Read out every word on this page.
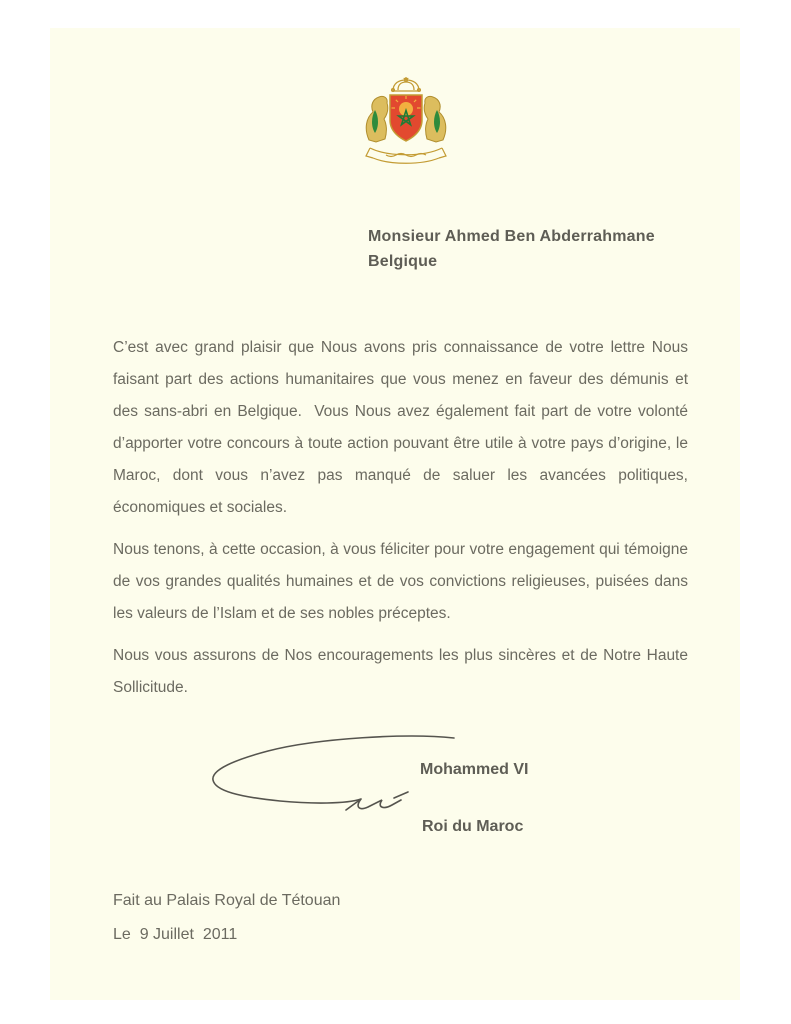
Monsieur Ahmed Ben Abderrahmane
Belgique

C’est avec grand plaisir que Nous avons pris connaissance de votre lettre Nous faisant part des actions humanitaires que vous menez en faveur des démunis et des sans-abri en Belgique.  Vous Nous avez également fait part de votre volonté d’apporter votre concours à toute action pouvant être utile à votre pays d’origine, le Maroc, dont vous n’avez pas manqué de saluer les avancées politiques, économiques et sociales.

Nous tenons, à cette occasion, à vous féliciter pour votre engagement qui témoigne de vos grandes qualités humaines et de vos convictions religieuses, puisées dans les valeurs de l’Islam et de ses nobles préceptes.

Nous vous assurons de Nos encouragements les plus sincères et de Notre Haute Sollicitude.

Mohammed VI
Roi du Maroc
Fait au Palais Royal de Tétouan
Le  9 Juillet  2011
